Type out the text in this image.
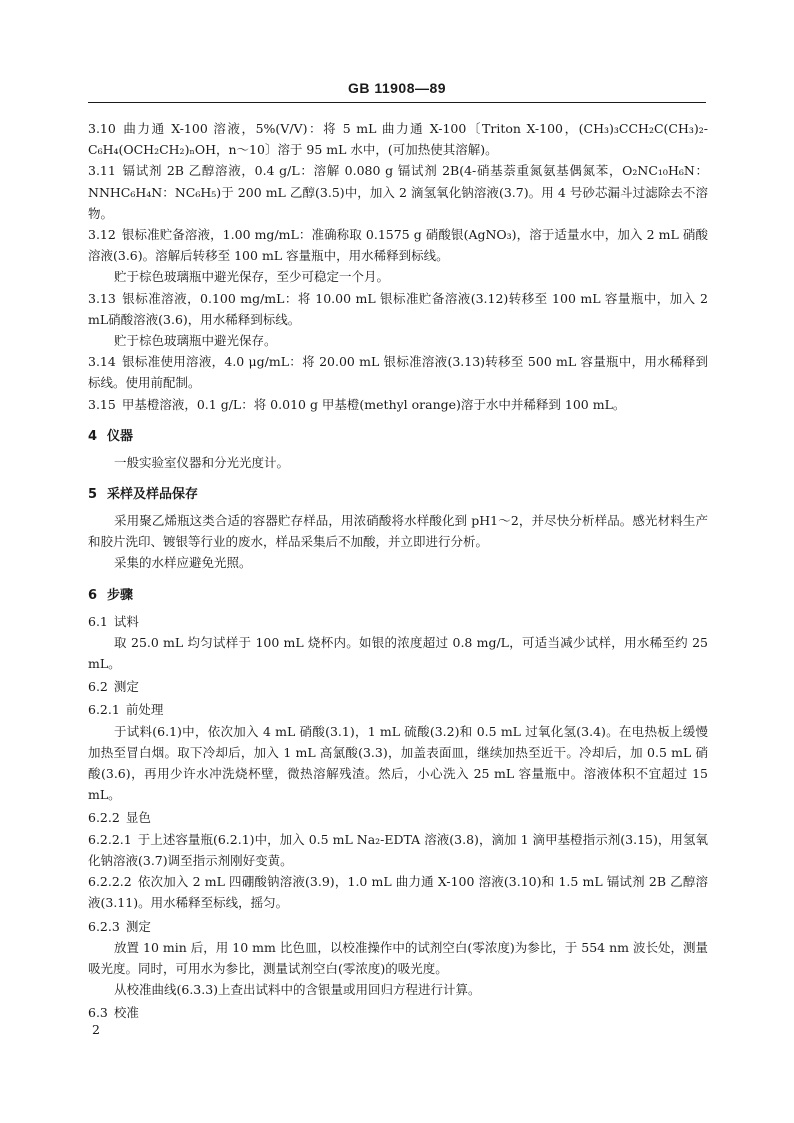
GB 11908—89

3.10 曲力通 X-100 溶液，5%(V/V)：将 5 mL 曲力通 X-100〔Triton X-100，(CH₃)₃CCH₂C(CH₃)₂-C₆H₄(OCH₂CH₂)ₙOH，n～10〕溶于 95 mL 水中，(可加热使其溶解)。

3.11 镉试剂 2B 乙醇溶液，0.4 g/L：溶解 0.080 g 镉试剂 2B(4-硝基萘重氮氨基偶氮苯，O₂NC₁₀H₆N：NNHC₆H₄N：NC₆H₅)于 200 mL 乙醇(3.5)中，加入 2 滴氢氧化钠溶液(3.7)。用 4 号砂芯漏斗过滤除去不溶物。

3.12 银标准贮备溶液，1.00 mg/mL：准确称取 0.1575 g 硝酸银(AgNO₃)，溶于适量水中，加入 2 mL 硝酸溶液(3.6)。溶解后转移至 100 mL 容量瓶中，用水稀释到标线。

贮于棕色玻璃瓶中避光保存，至少可稳定一个月。

3.13 银标准溶液，0.100 mg/mL：将 10.00 mL 银标准贮备溶液(3.12)转移至 100 mL 容量瓶中，加入 2 mL硝酸溶液(3.6)，用水稀释到标线。

贮于棕色玻璃瓶中避光保存。

3.14 银标准使用溶液，4.0 μg/mL：将 20.00 mL 银标准溶液(3.13)转移至 500 mL 容量瓶中，用水稀释到标线。使用前配制。

3.15 甲基橙溶液，0.1 g/L：将 0.010 g 甲基橙(methyl orange)溶于水中并稀释到 100 mL。

4 仪器

一般实验室仪器和分光光度计。

5 采样及样品保存

采用聚乙烯瓶这类合适的容器贮存样品，用浓硝酸将水样酸化到 pH1～2，并尽快分析样品。感光材料生产和胶片洗印、镀银等行业的废水，样品采集后不加酸，并立即进行分析。

采集的水样应避免光照。

6 步骤

6.1 试料

取 25.0 mL 均匀试样于 100 mL 烧杯内。如银的浓度超过 0.8 mg/L，可适当减少试样，用水稀至约 25 mL。

6.2 测定

6.2.1 前处理

于试料(6.1)中，依次加入 4 mL 硝酸(3.1)，1 mL 硫酸(3.2)和 0.5 mL 过氧化氢(3.4)。在电热板上缓慢加热至冒白烟。取下冷却后，加入 1 mL 高氯酸(3.3)，加盖表面皿，继续加热至近干。冷却后，加 0.5 mL 硝酸(3.6)，再用少许水冲洗烧杯壁，微热溶解残渣。然后，小心洗入 25 mL 容量瓶中。溶液体积不宜超过 15 mL。

6.2.2 显色

6.2.2.1 于上述容量瓶(6.2.1)中，加入 0.5 mL Na₂-EDTA 溶液(3.8)，滴加 1 滴甲基橙指示剂(3.15)，用氢氧化钠溶液(3.7)调至指示剂刚好变黄。

6.2.2.2 依次加入 2 mL 四硼酸钠溶液(3.9)，1.0 mL 曲力通 X-100 溶液(3.10)和 1.5 mL 镉试剂 2B 乙醇溶液(3.11)。用水稀释至标线，摇匀。

6.2.3 测定

放置 10 min 后，用 10 mm 比色皿，以校准操作中的试剂空白(零浓度)为参比，于 554 nm 波长处，测量吸光度。同时，可用水为参比，测量试剂空白(零浓度)的吸光度。

从校准曲线(6.3.3)上查出试料中的含银量或用回归方程进行计算。

6.3 校准

2
